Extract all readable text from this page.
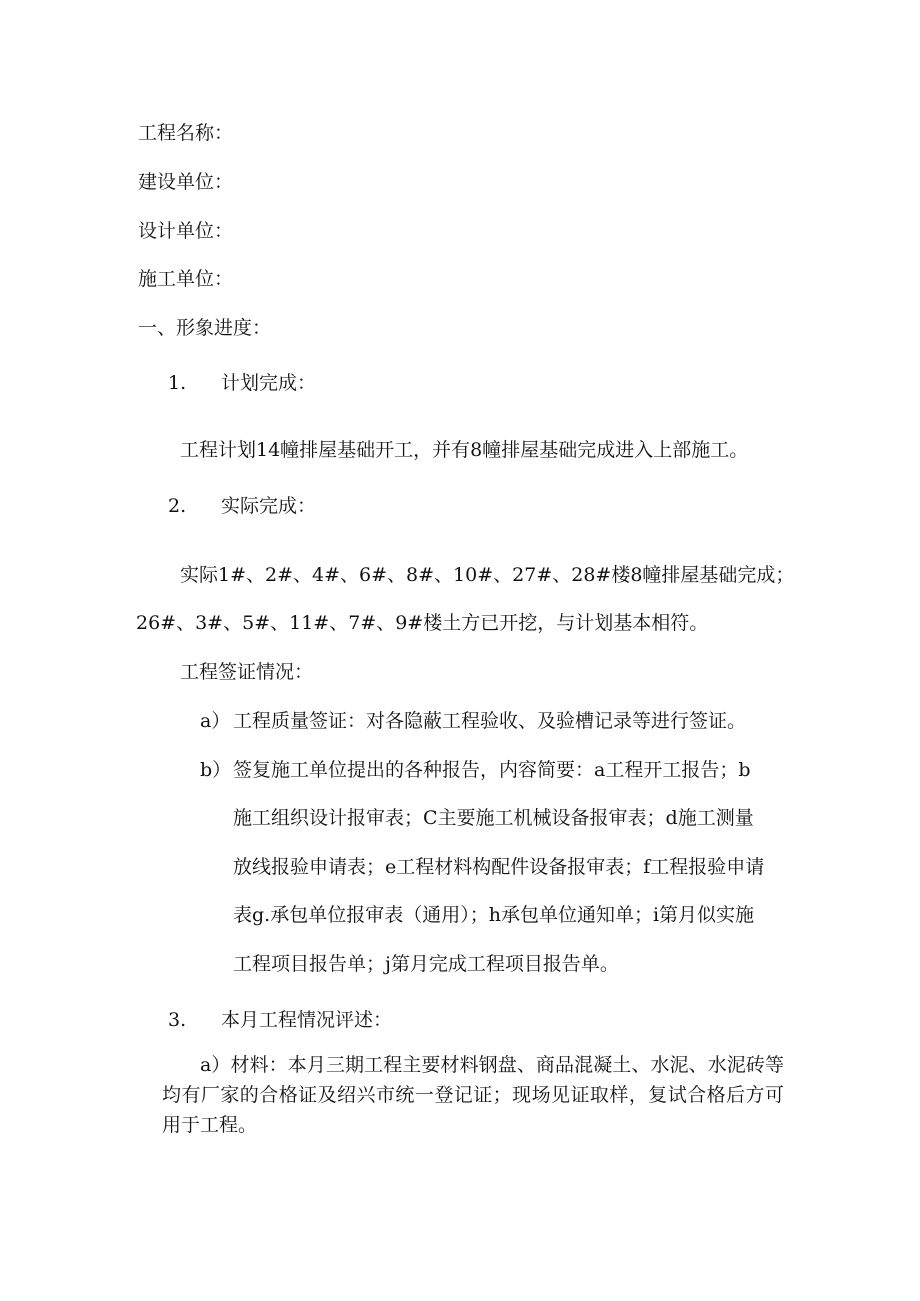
工程名称：

建设单位：

设计单位：

施工单位：

一、形象进度：

1. 计划完成：

工程计划14幢排屋基础开工，并有8幢排屋基础完成进入上部施工。

2. 实际完成：

实际1#、2#、4#、6#、8#、10#、27#、28#楼8幢排屋基础完成；

26#、3#、5#、11#、7#、9#楼土方已开挖，与计划基本相符。

工程签证情况：

a） 工程质量签证：对各隐蔽工程验收、及验槽记录等进行签证。

b） 签复施工单位提出的各种报告，内容简要：a工程开工报告；b

施工组织设计报审表；C主要施工机械设备报审表；d施工测量

放线报验申请表；e工程材料构配件设备报审表；f工程报验申请

表g.承包单位报审表（通用）；h承包单位通知单；i第月似实施

工程项目报告单；j第月完成工程项目报告单。

3. 本月工程情况评述：

a）材料：本月三期工程主要材料钢盘、商品混凝土、水泥、水泥砖等均有厂家的合格证及绍兴市统一登记证；现场见证取样，复试合格后方可用于工程。
